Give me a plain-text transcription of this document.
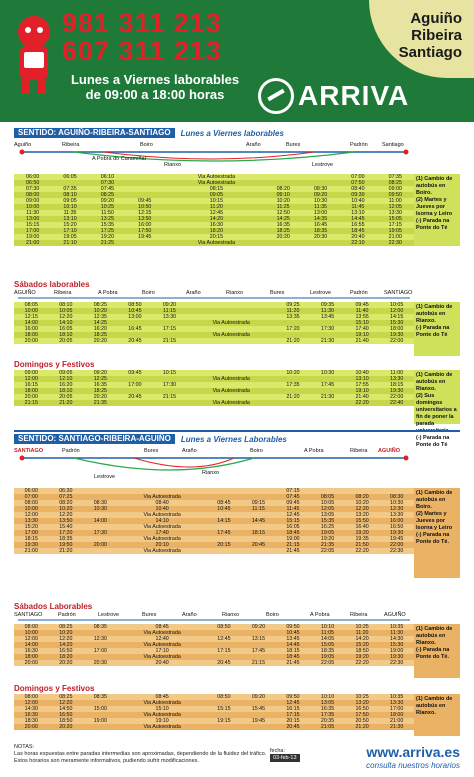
Aguiño
Ribeira
Santiago
981 311 213
607 311 213
Lunes a Viernes laborables
de 09:00 a 18:00 horas	ARRIVA
SENTIDO: AGUIÑO-RIBEIRA-SANTIAGO	Lunes a Viernes laborables
Aguiño	Ribeira
A Pobra do Caramiñal
Boiro
Rianxo
Araño	Bures
Lestrove
Padrón	Santiago
06:00	06:05	06:10			Via Autoestrada			07:00	07:35
06:50		07:30			Via Autoestrada			07:50	08:25
07:30	07:35	07:45			08:15	08:20	08:30	08:40	09:00
08:00	08:10	08:25			09:05	09:10	09:20	09:30	09:50
09:00	09:05	09:20	09:45		10:15	10:20	10:30	10:40	11:00
10:00	10:10	10:25	10:50		11:20	11:25	11:35	11:45	12:05
11:30	11:35	11:50	12:15		12:45	12:50	13:00	13:10	13:30
13:00	13:10	13:25	13:50		14:20	14:25	14:35	14:45	15:05
15:15	15:20	15:35	16:00		16:30	16:35	16:45	16:55	17:15
17:00	17:10	17:25	17:50		18:20	18:25	18:35	18:45	19:05
19:00	19:05	19:20	19:45		20:15	20:20	20:30	20:40	21:00
21:00	21:10	21:25			Via Autoestrada			22:10	22:30
(1) Cambio de autobús en Boiro.
(2) Martes y Jueves por Isorna y Leiro
(-) Parada na Ponte do Té
Sábados laborables
AGUIÑO	Ribeira	A Pobra	Boiro	Araño	Rianxo	Bures	Lestrove	Padrón	SANTIAGO
08:05	08:10	08:25	08:50	09:20		09:25	09:35	09:45	10:05
10:00	10:05	10:20	10:45	11:15		11:20	11:30	11:40	12:00
12:15	12:20	12:35	13:00	13:30		13:35	13:45	13:55	14:15
14:00	14:10	14:25			Via Autoestrada			15:10	15:30
16:00	16:05	16:20	16:45	17:15		17:20	17:30	17:40	18:00
18:00	18:10	18:25			Via Autoestrada			19:10	19:30
20:00	20:05	20:20	20:45	21:15		21:20	21:30	21:40	22:00
(1) Cambio de autobús en Rianxo.
(-) Parada na Ponte do Té
Domingos y Festivos
09:00	09:05	09:20	09:45	10:15		10:20	10:30	10:40	11:00
12:00	12:10	12:25			Via Autoestrada			13:10	13:30
16:15	16:20	16:35	17:00	17:30		17:35	17:45	17:55	18:15
18:00	18:10	18:25			Via Autoestrada			19:10	19:30
20:00	20:05	20:20	20:45	21:15		21:20	21:30	21:40	22:00
21:15	21:20	21:35			Via Autoestrada			22:20	22:40
(1) Cambio de autobús en Rianxo.
(2) Sus domingos universitarios a fin de poner la parada
(-) Parada na Ponte do Té
SENTIDO: SANTIAGO-RIBEIRA-AGUIÑO	Lunes a Viernes Laborables
SANTIAGO	Padrón
Lestrove
Bures	Araño
Rianxo
Boiro	A Pobra	Ribeira AGUIÑO
06:00	06:30					07:15			
07:00	07:25		Via Autoestrada			07:45	08:05	08:20	08:30
08:00	08:20	08:30	08:40	08:45	09:15	09:45	10:05	10:20	10:30
10:00	10:20	10:30	10:40	10:45	11:15	11:45	12:05	12:20	12:30
12:00	12:20		Via Autoestrada			12:45	13:05	13:20	13:30
13:30	13:50	14:00	14:10	14:15	14:45	15:15	15:35	15:50	16:00
15:20	15:40		Via Autoestrada			16:05	16:25	16:40	16:50
17:00	17:20	17:30	17:40	17:45	18:15	18:45	19:05	19:20	19:30
18:15	18:35		Via Autoestrada			19:00	19:20	19:35	19:45
19:30	19:50	20:00	20:10	20:15	20:45	21:15	21:35	21:50	22:00
21:00	21:20		Via Autoestrada			21:45	22:05	22:20	22:30
(1) Cambio de autobús en Boiro.
(2) Martes y Jueves por Isorna y Leiro
(-) Parada na Ponte do Té.
Sábados Laborables
SANTIAGO	Padrón	Lestrove	Bures	Araño	Rianxo	Boiro	A Pobra	Ribeira	AGUIÑO
08:00	08:25	08:35	08:45	08:50	09:20	09:50	10:10	10:25	10:35
10:00	10:20		Via Autoestrada			10:45	11:05	11:20	11:30
12:00	12:20	12:30	12:40	12:45	13:15	13:45	14:05	14:20	14:30
14:00	14:20		Via Autoestrada			14:45	15:05	15:20	15:30
16:30	16:50	17:00	17:10	17:15	17:45	18:15	18:35	18:50	19:00
18:00	18:20		Via Autoestrada			18:45	19:05	19:20	19:30
20:00	20:20	20:30	20:40	20:45	21:15	21:45	22:05	22:20	22:30
(1) Cambio de autobús en Rianxo.
(-) Parada na Ponte do Té.
Domingos y Festivos
08:00	08:25	08:35	08:45	08:50	09:20	09:50	10:10	10:25	10:35
12:00	12:20		Via Autoestrada			12:45	13:05	13:20	13:30
14:30	14:50	15:00	15:10	15:15	15:45	16:15	16:35	16:50	17:00
16:30	16:50		Via Autoestrada			17:15	17:35	17:50	18:00
18:30	18:50	19:00	19:10	19:15	19:45	20:15	20:35	20:50	21:00
20:00	20:20		Via Autoestrada			20:45	21:05	21:20	21:30
(1) Cambio de autobús en Rianxo.
NOTAS:
Las horas expuestas entre paradas intermedias son aproximadas, dependiendo de la fluidez del tráfico.
Estos horarios son meramente informativos, pudiendo sufrir modificaciones.
fecha:
03-feb-13	www.arriva.es
consulta nuestros horarios
